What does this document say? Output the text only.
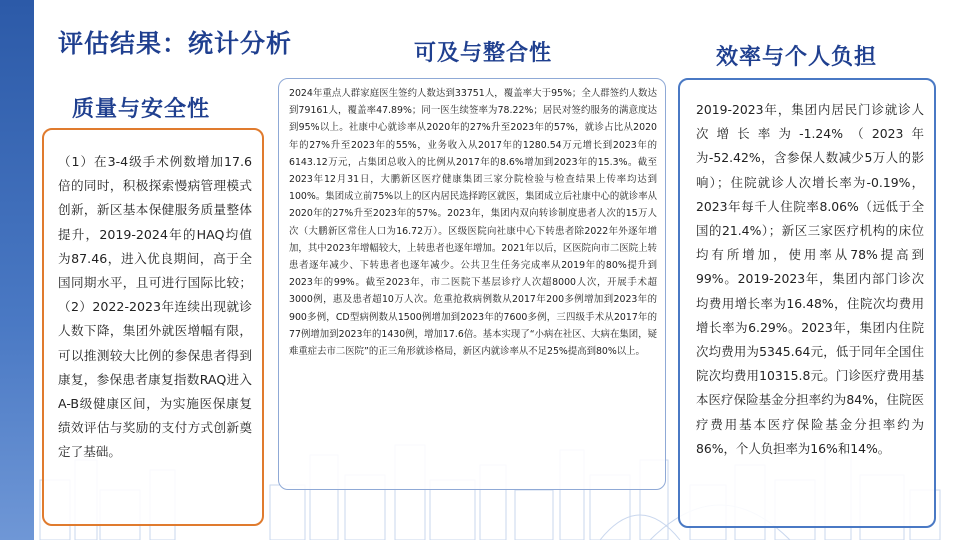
评估结果：统计分析
质量与安全性
可及与整合性	效率与个人负担
（1）在3-4级手术例数增加17.6倍的同时，积极探索慢病管理模式创新，新区基本保健服务质量整体提升，2019-2024年的HAQ均值为87.46，进入优良期间，高于全国同期水平，且可进行国际比较；（2）2022-2023年连续出现就诊人数下降，集团外就医增幅有限，可以推测较大比例的参保患者得到康复，参保患者康复指数RAQ进入A-B级健康区间，为实施医保康复绩效评估与奖励的支付方式创新奠定了基础。
2024年重点人群家庭医生签约人数达到33751人，覆盖率大于95%；全人群签约人数达到79161人，覆盖率47.89%；同一医生续签率为78.22%；居民对签约服务的满意度达到95%以上。社康中心就诊率从2020年的27%升至2023年的57%，就诊占比从2020年的27%升至2023年的55%，业务收入从2017年的1280.54万元增长到2023年的6143.12万元，占集团总收入的比例从2017年的8.6%增加到2023年的15.3%。截至2023年12月31日，大鹏新区医疗健康集团三家分院检验与检查结果上传率均达到100%。集团成立前75%以上的区内居民选择跨区就医，集团成立后社康中心的就诊率从2020年的27%升至2023年的57%。2023年，集团内双向转诊制度患者人次的15万人次（大鹏新区常住人口为16.72万）。区级医院向社康中心下转患者除2022年外逐年增加，其中2023年增幅较大，上转患者也逐年增加。2021年以后，区医院向市二医院上转患者逐年减少、下转患者也逐年减少。公共卫生任务完成率从2019年的80%提升到2023年的99%。截至2023年，市二医院下基层诊疗人次超8000人次，开展手术超3000例，惠及患者超10万人次。危重抢救病例数从2017年200多例增加到2023年的900多例，CD型病例数从1500例增加到2023年的7600多例，三四级手术从2017年的77例增加到2023年的1430例，增加17.6倍。基本实现了“小病在社区、大病在集团，疑难重症去市二医院”的正三角形就诊格局，新区内就诊率从不足25%提高到80%以上。
2019-2023年，集团内居民门诊就诊人次增长率为-1.24%（2023年为-52.42%，含参保人数减少5万人的影响）；住院就诊人次增长率为-0.19%，2023年每千人住院率8.06%（远低于全国的21.4%）；新区三家医疗机构的床位均有所增加，使用率从78%提高到99%。2019-2023年，集团内部门诊次均费用增长率为16.48%，住院次均费用增长率为6.29%。2023年，集团内住院次均费用为5345.64元，低于同年全国住院次均费用10315.8元。门诊医疗费用基本医疗保险基金分担率约为84%，住院医疗费用基本医疗保险基金分担率约为86%，个人负担率为16%和14%。
